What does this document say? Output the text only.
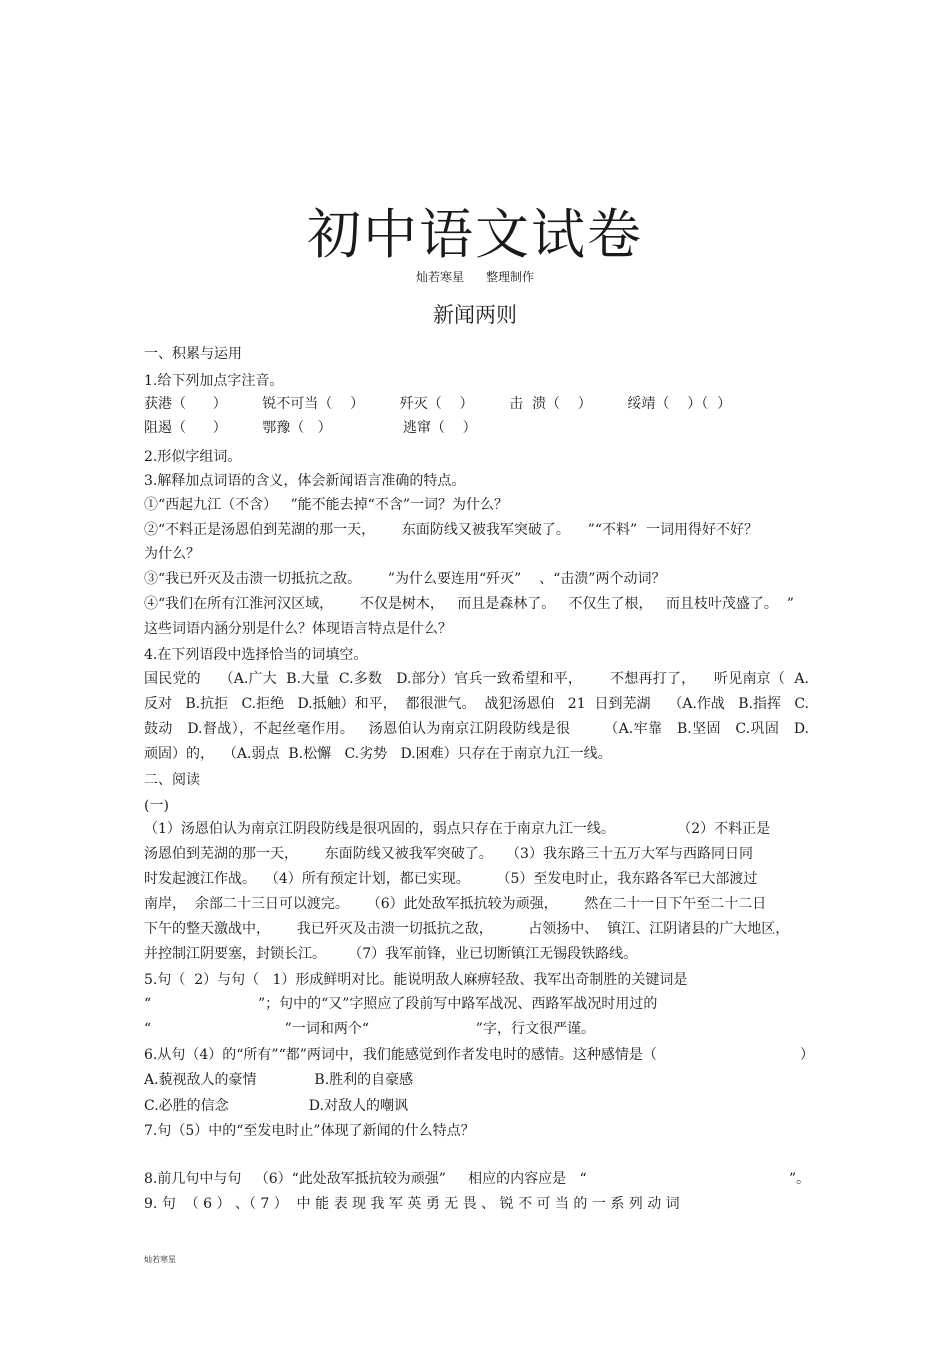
初中语文试卷
灿若寒星 整理制作
新闻两则
一、积累与运用
1.给下列加点字注音。
获港（      ）        锐不可当（    ）        歼灭（    ）        击  溃（    ）        绥靖（    ）（  ）
阻遏（      ）        鄂豫（   ）                逃窜（    ）
2.形似字组词。
3.解释加点词语的含义，体会新闻语言准确的特点。
①“西起九江（不含）   ”能不能去掉“不含”一词？为什么？
②“不料正是汤恩伯到芜湖的那一天，      东面防线又被我军突破了。    ”“不料”  一词用得好不好？
为什么？
③“我已歼灭及击溃一切抵抗之敌。      ”为什么要连用“歼灭”    、“击溃”两个动词？
④“我们在所有江淮河汉区域，      不仅是树木，   而且是森林了。   不仅生了根，   而且枝叶茂盛了。  ”
这些词语内涵分别是什么？体现语言特点是什么？
4.在下列语段中选择恰当的词填空。
国民党的    （A.广大  B.大量  C.多数   D.部分）官兵一致希望和平，      不想再打了，    听见南京（  A.
反对   B.抗拒   C.拒绝   D.抵触）和平，  都很泄气。  战犯汤恩伯   21  日到芜湖    （A.作战   B.指挥   C.
鼓动   D.督战），不起丝毫作用。   汤恩伯认为南京江阴段防线是很       （A.牢靠   B.坚固   C.巩固   D.
顽固）的，  （A.弱点  B.松懈   C.劣势   D.困难）只存在于南京九江一线。
二、阅读
(一)
（1）汤恩伯认为南京江阴段防线是很巩固的，弱点只存在于南京九江一线。              （2）不料正是
汤恩伯到芜湖的那一天，      东面防线又被我军突破了。   （3）我东路三十五万大军与西路同日同
时发起渡江作战。  （4）所有预定计划，都已实现。      （5）至发电时止，我东路各军已大部渡过
南岸，  余部二十三日可以渡完。    （6）此处敌军抵抗较为顽强，      然在二十一日下午至二十二日
下午的整天激战中，      我已歼灭及击溃一切抵抗之敌，        占领扬中、  镇江、江阴诸县的广大地区，
并控制江阴要塞，封锁长江。     （7）我军前锋，业已切断镇江无锡段铁路线。
5.句（  2）与句（   1）形成鲜明对比。能说明敌人麻痹轻敌、我军出奇制胜的关键词是
“                        ”；句中的“又”字照应了段前写中路军战况、西路军战况时用过的
“                              ”一词和两个“                        ”字，行文很严谨。
6.从句（4）的“所有”“都”两词中，我们能感觉到作者发电时的感情。这种感情是（	）
A.藐视敌人的豪情             B.胜利的自豪感
C.必胜的信念                  D.对敌人的嘲讽
7.句（5）中的“至发电时止”体现了新闻的什么特点？
8.前几句中与句   （6）“此处敌军抵抗较为顽强”     相应的内容应是   “	”。
9. 句  （ 6 ） 、（ 7 ）  中 能 表 现 我 军 英 勇 无 畏 、 锐 不 可 当 的 一 系 列 动 词
灿若寒星
